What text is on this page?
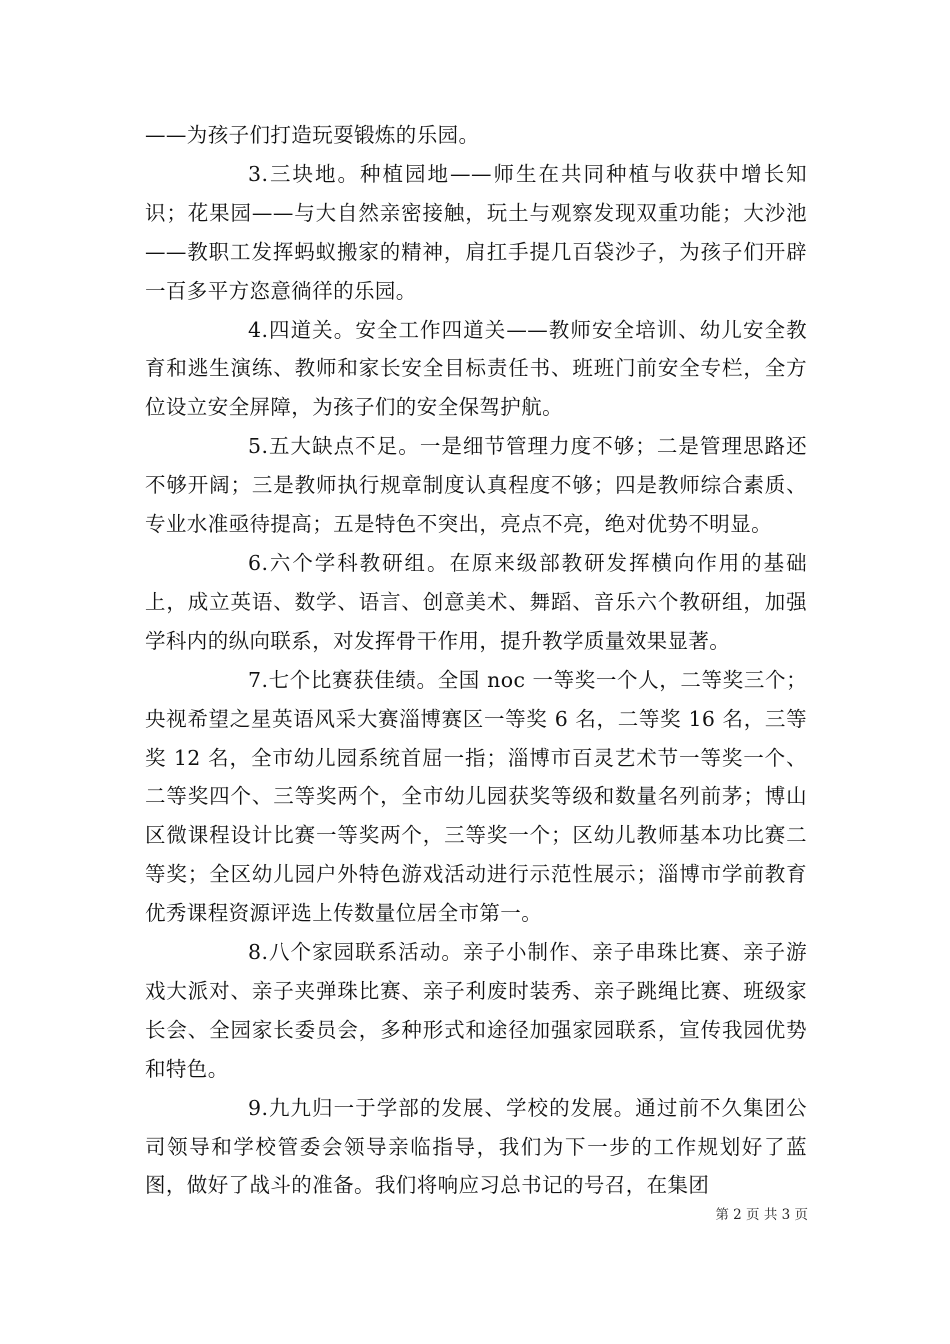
——为孩子们打造玩耍锻炼的乐园。

3.三块地。种植园地——师生在共同种植与收获中增长知识；花果园——与大自然亲密接触，玩土与观察发现双重功能；大沙池——教职工发挥蚂蚁搬家的精神，肩扛手提几百袋沙子，为孩子们开辟一百多平方恣意徜徉的乐园。

4.四道关。安全工作四道关——教师安全培训、幼儿安全教育和逃生演练、教师和家长安全目标责任书、班班门前安全专栏，全方位设立安全屏障，为孩子们的安全保驾护航。

5.五大缺点不足。一是细节管理力度不够；二是管理思路还不够开阔；三是教师执行规章制度认真程度不够；四是教师综合素质、专业水准亟待提高；五是特色不突出，亮点不亮，绝对优势不明显。

6.六个学科教研组。在原来级部教研发挥横向作用的基础上，成立英语、数学、语言、创意美术、舞蹈、音乐六个教研组，加强学科内的纵向联系，对发挥骨干作用，提升教学质量效果显著。

7.七个比赛获佳绩。全国 noc 一等奖一个人，二等奖三个；央视希望之星英语风采大赛淄博赛区一等奖 6 名，二等奖 16 名，三等奖 12 名，全市幼儿园系统首屈一指；淄博市百灵艺术节一等奖一个、二等奖四个、三等奖两个，全市幼儿园获奖等级和数量名列前茅；博山区微课程设计比赛一等奖两个，三等奖一个；区幼儿教师基本功比赛二等奖；全区幼儿园户外特色游戏活动进行示范性展示；淄博市学前教育优秀课程资源评选上传数量位居全市第一。

8.八个家园联系活动。亲子小制作、亲子串珠比赛、亲子游戏大派对、亲子夹弹珠比赛、亲子利废时装秀、亲子跳绳比赛、班级家长会、全园家长委员会，多种形式和途径加强家园联系，宣传我园优势和特色。

9.九九归一于学部的发展、学校的发展。通过前不久集团公司领导和学校管委会领导亲临指导，我们为下一步的工作规划好了蓝图，做好了战斗的准备。我们将响应习总书记的号召，在集团

第 2 页 共 3 页
